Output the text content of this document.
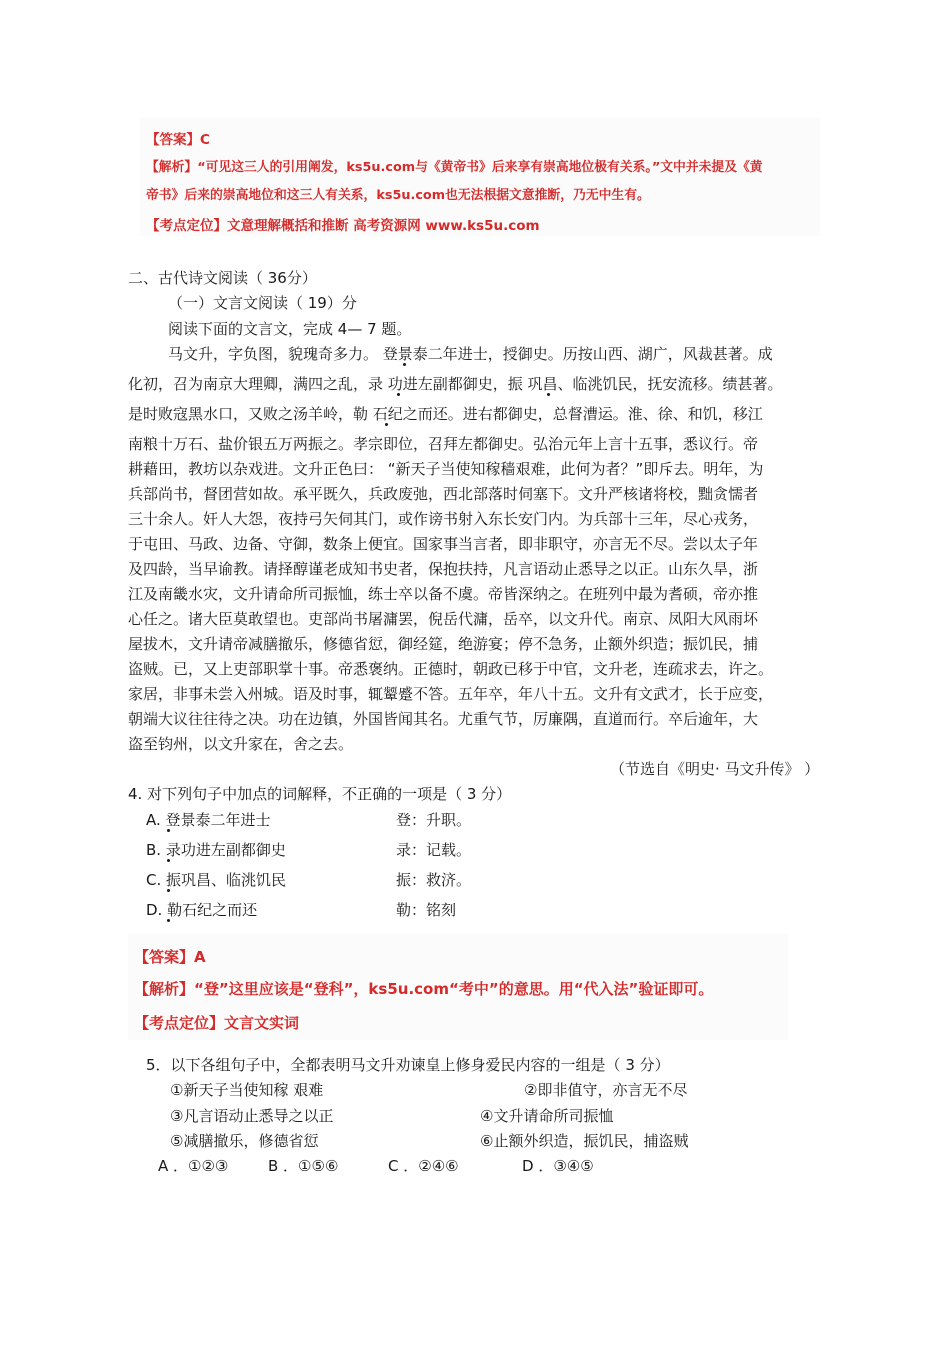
【答案】C
【解析】“可见这三人的引用阐发，ks5u.com与《黄帝书》后来享有崇高地位极有关系。”文中并未提及《黄
帝书》后来的崇高地位和这三人有关系，ks5u.com也无法根据文意推断，乃无中生有。
【考点定位】文意理解概括和推断 高考资源网 www.ks5u.com
二、古代诗文阅读（ 36分）
（一）文言文阅读（ 19）分
阅读下面的文言文，完成 4— 7 题。
马文升，字负图，貌瑰奇多力。 登景泰二年进士，授御史。历按山西、湖广，风裁甚著。成
化初，召为南京大理卿，满四之乱，录 功进左副都御史，振 巩昌、临洮饥民，抚安流移。绩甚著。
是时败寇黑水口，又败之汤羊岭，勒 石纪之而还。进右都御史，总督漕运。淮、徐、和饥，移江
南粮十万石、盐价银五万两振之。孝宗即位，召拜左都御史。弘治元年上言十五事，悉议行。帝
耕藉田，教坊以杂戏进。文升正色曰： “新天子当使知稼穑艰难，此何为者？”即斥去。明年，为
兵部尚书，督团营如故。承平既久，兵政废弛，西北部落时伺塞下。文升严核诸将校，黜贪懦者
三十余人。奸人大怨，夜持弓矢伺其门，或作谤书射入东长安门内。为兵部十三年，尽心戎务，
于屯田、马政、边备、守御，数条上便宜。国家事当言者，即非职守，亦言无不尽。尝以太子年
及四龄，当早谕教。请择醇谨老成知书史者，保抱扶持，凡言语动止悉导之以正。山东久旱，浙
江及南畿水灾，文升请命所司振恤，练士卒以备不虞。帝皆深纳之。在班列中最为耆硕，帝亦推
心任之。诸大臣莫敢望也。吏部尚书屠滽罢，倪岳代滽，岳卒，以文升代。南京、凤阳大风雨坏
屋拔木，文升请帝减膳撤乐，修德省愆，御经筵，绝游宴；停不急务，止额外织造；振饥民，捕
盗贼。已，又上吏部职掌十事。帝悉褒纳。正德时，朝政已移于中官，文升老，连疏求去，许之。
家居，非事未尝入州城。语及时事，辄颦蹙不答。五年卒，年八十五。文升有文武才，长于应变，
朝端大议往往待之决。功在边镇，外国皆闻其名。尤重气节，厉廉隅，直道而行。卒后逾年，大
盗至钧州，以文升家在，舍之去。
（节选自《明史· 马文升传》 ）
4. 对下列句子中加点的词解释，不正确的一项是（ 3 分）
A. 登景泰二年进士	登：升职。
B. 录功进左副都御史	录：记载。
C. 振巩昌、临洮饥民	振：救济。
D. 勒石纪之而还	勒：铭刻
【答案】A
【解析】“登”这里应该是“登科”，ks5u.com“考中”的意思。用“代入法”验证即可。
【考点定位】文言文实词
5．以下各组句子中，全都表明马文升劝谏皇上修身爱民内容的一组是（ 3 分）
①新天子当使知稼 艰难	②即非值守，亦言无不尽
③凡言语动止悉导之以正	④文升请命所司振恤
⑤减膳撤乐，修德省愆	⑥止额外织造，振饥民，捕盗贼
A ．①②③	B ．①⑤⑥	C ．②④⑥	D ．③④⑤
